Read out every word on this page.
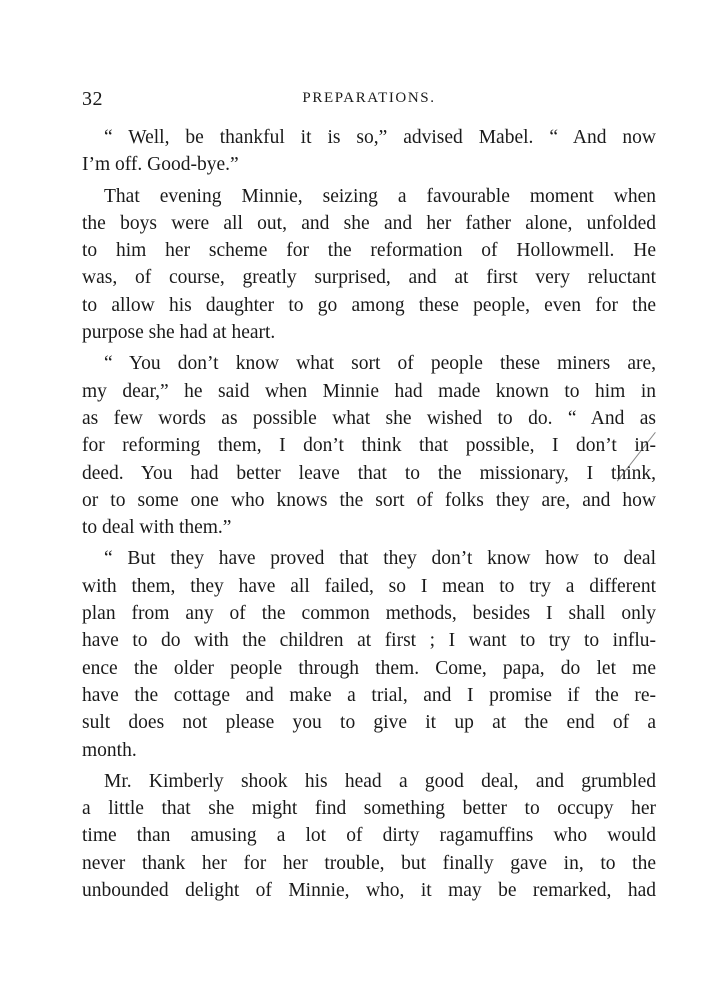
32	PREPARATIONS.
“ Well, be thankful it is so,” advised Mabel. “ And now
I’m off. Good-bye.”
That evening Minnie, seizing a favourable moment when
the boys were all out, and she and her father alone, unfolded
to him her scheme for the reformation of Hollowmell. He
was, of course, greatly surprised, and at first very reluctant
to allow his daughter to go among these people, even for the
purpose she had at heart.
“ You don’t know what sort of people these miners are,
my dear,” he said when Minnie had made known to him in
as few words as possible what she wished to do. “ And as
for reforming them, I don’t think that possible, I don’t in-
deed. You had better leave that to the missionary, I think,
or to some one who knows the sort of folks they are, and how
to deal with them.”
“ But they have proved that they don’t know how to deal
with them, they have all failed, so I mean to try a different
plan from any of the common methods, besides I shall only
have to do with the children at first ; I want to try to influ-
ence the older people through them. Come, papa, do let me
have the cottage and make a trial, and I promise if the re-
sult does not please you to give it up at the end of a
month.
Mr. Kimberly shook his head a good deal, and grumbled
a little that she might find something better to occupy her
time than amusing a lot of dirty ragamuffins who would
never thank her for her trouble, but finally gave in, to the
unbounded delight of Minnie, who, it may be remarked, had
